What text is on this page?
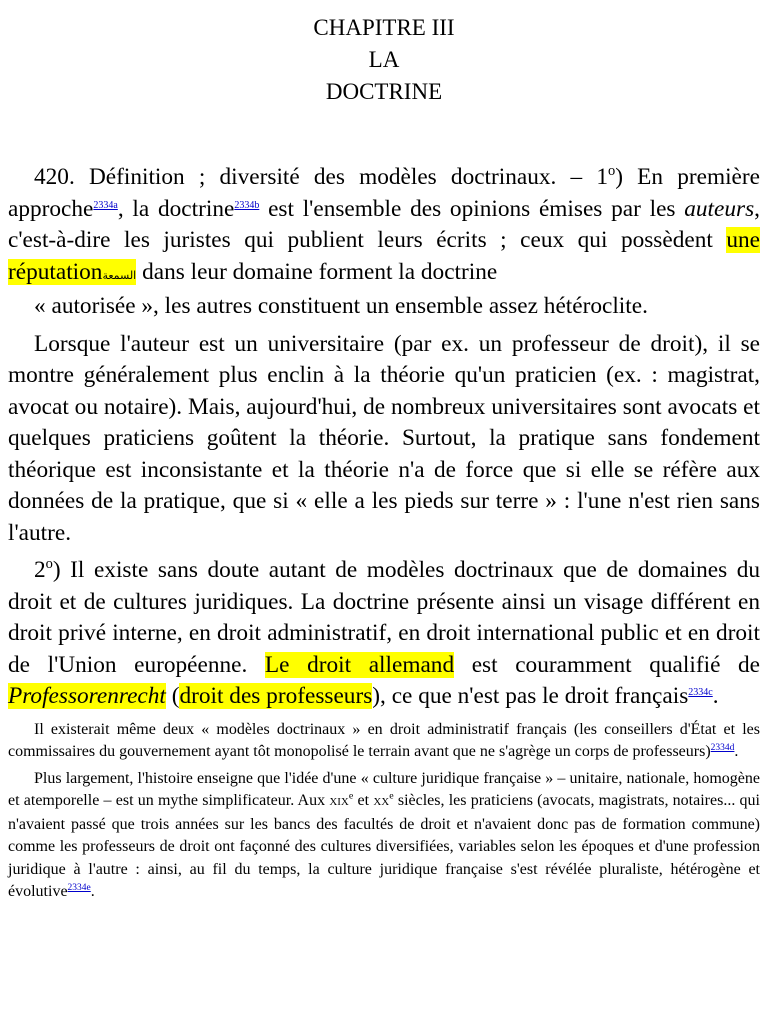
CHAPITRE III
LA
DOCTRINE

420. Définition ; diversité des modèles doctrinaux. – 1$^o$) En première approche$^{2334a}$, la doctrine$^{2334b}$ est l'ensemble des opinions émises par les auteurs, c'est-à-dire les juristes qui publient leurs écrits ; ceux qui possèdent une réputationالسمعة dans leur domaine forment la doctrine
« autorisée », les autres constituent un ensemble assez hétéroclite.

Lorsque l'auteur est un universitaire (par ex. un professeur de droit), il se montre généralement plus enclin à la théorie qu'un praticien (ex. : magistrat, avocat ou notaire). Mais, aujourd'hui, de nombreux universitaires sont avocats et quelques praticiens goûtent la théorie. Surtout, la pratique sans fondement théorique est inconsistante et la théorie n'a de force que si elle se réfère aux données de la pratique, que si « elle a les pieds sur terre » : l'une n'est rien sans l'autre.

2$^o$) Il existe sans doute autant de modèles doctrinaux que de domaines du droit et de cultures juridiques. La doctrine présente ainsi un visage différent en droit privé interne, en droit administratif, en droit international public et en droit de l'Union européenne. Le droit allemand est couramment qualifié de Professorenrecht (droit des professeurs), ce que n'est pas le droit français$^{2334c}$.

Il existerait même deux « modèles doctrinaux » en droit administratif français (les conseillers d'État et les commissaires du gouvernement ayant tôt monopolisé le terrain avant que ne s'agrège un corps de professeurs)$^{2334d}$.

Plus largement, l'histoire enseigne que l'idée d'une « culture juridique française » – unitaire, nationale, homogène et atemporelle – est un mythe simplificateur. Aux XIXe et XXe siècles, les praticiens (avocats, magistrats, notaires... qui n'avaient passé que trois années sur les bancs des facultés de droit et n'avaient donc pas de formation commune) comme les professeurs de droit ont façonné des cultures diversifiées, variables selon les époques et d'une profession juridique à l'autre : ainsi, au fil du temps, la culture juridique française s'est révélée pluraliste, hétérogène et évolutive$^{2334e}$.
